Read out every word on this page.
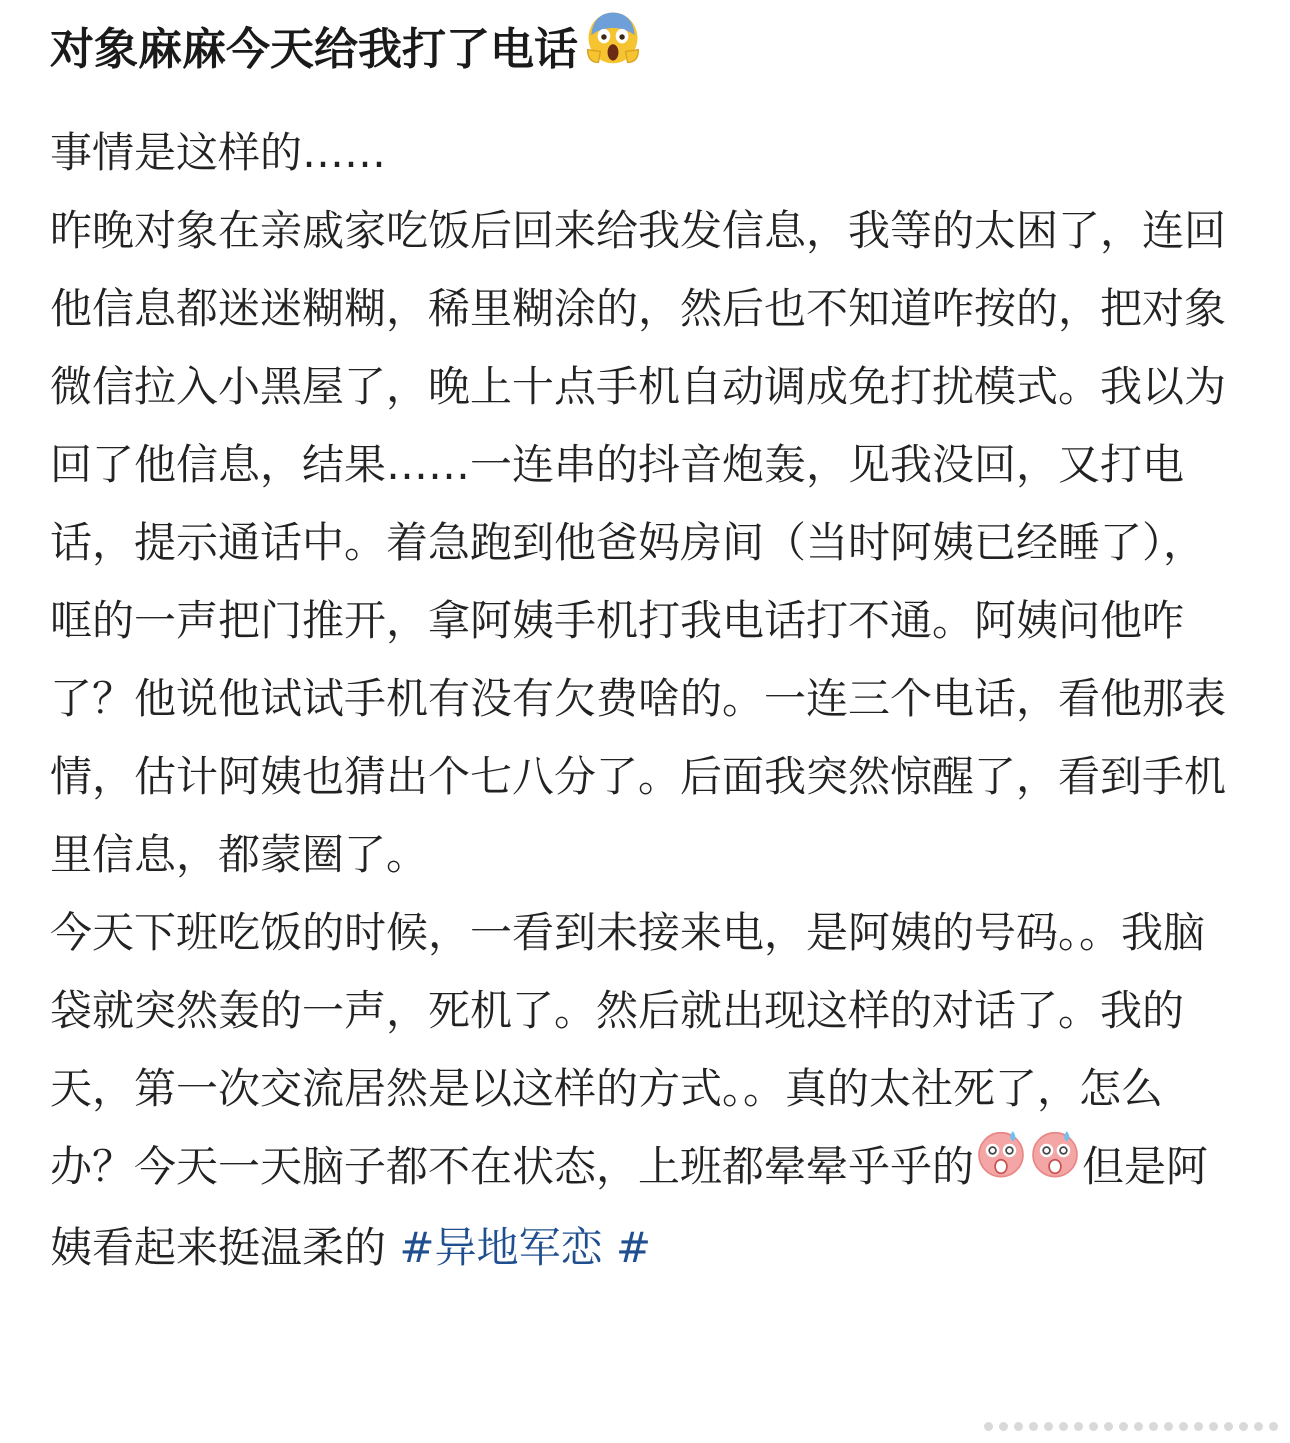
对象麻麻今天给我打了电话

事情是这样的……

昨晚对象在亲戚家吃饭后回来给我发信息，我等的太困了，连回他信息都迷迷糊糊，稀里糊涂的，然后也不知道咋按的，把对象微信拉入小黑屋了，晚上十点手机自动调成免打扰模式。我以为回了他信息，结果……一连串的抖音炮轰，见我没回，又打电话，提示通话中。着急跑到他爸妈房间（当时阿姨已经睡了），哐的一声把门推开，拿阿姨手机打我电话打不通。阿姨问他咋了？他说他试试手机有没有欠费啥的。一连三个电话，看他那表情，估计阿姨也猜出个七八分了。后面我突然惊醒了，看到手机里信息，都蒙圈了。

今天下班吃饭的时候，一看到未接来电，是阿姨的号码。。我脑袋就突然轰的一声，死机了。然后就出现这样的对话了。我的天，第一次交流居然是以这样的方式。。真的太社死了，怎么办？今天一天脑子都不在状态，上班都晕晕乎乎的	但是阿姨看起来挺温柔的 #异地军恋 #
